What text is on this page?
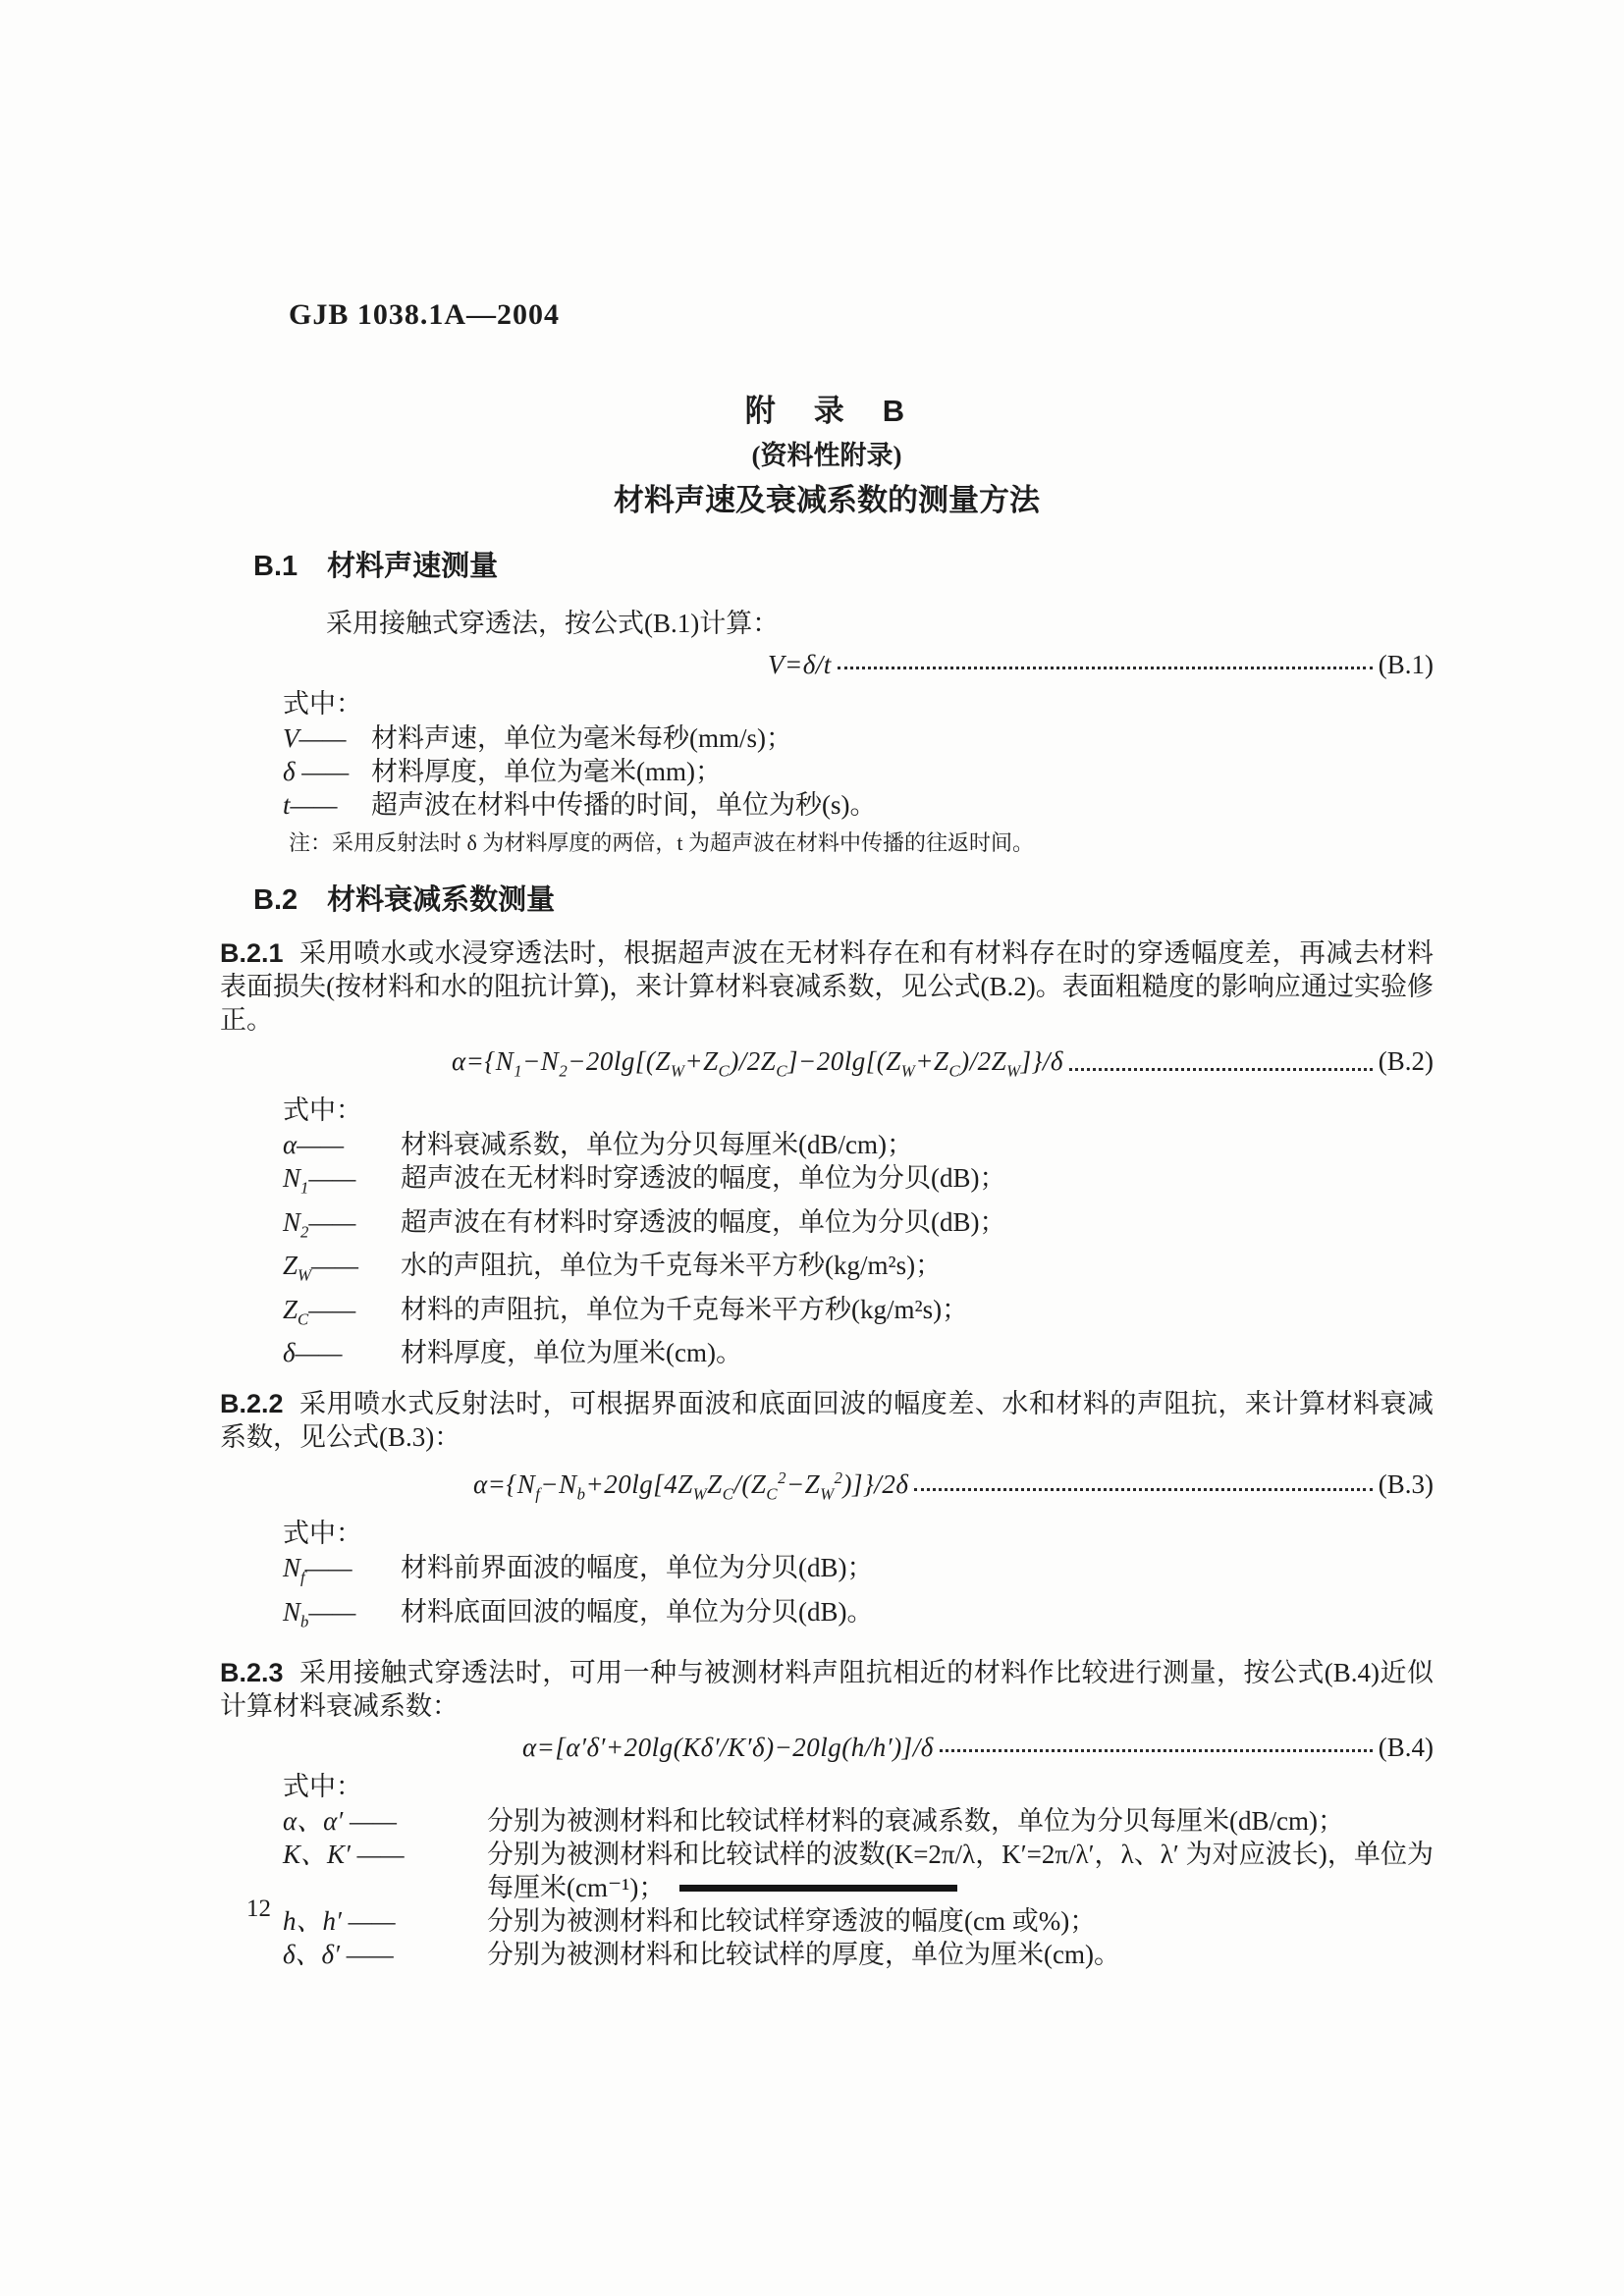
GJB 1038.1A—2004
附　录　B
(资料性附录)
材料声速及衰减系数的测量方法
B.1 材料声速测量

采用接触式穿透法，按公式(B.1)计算：

V=δ/t	(B.1)
式中：
V—— 材料声速，单位为毫米每秒(mm/s)；
δ —— 材料厚度，单位为毫米(mm)；
t——	超声波在材料中传播的时间，单位为秒(s)。
注：采用反射法时 δ 为材料厚度的两倍，t 为超声波在材料中传播的往返时间。
B.2 材料衰减系数测量

B.2.1 采用喷水或水浸穿透法时，根据超声波在无材料存在和有材料存在时的穿透幅度差，再减去材料表面损失(按材料和水的阻抗计算)，来计算材料衰减系数，见公式(B.2)。表面粗糙度的影响应通过实验修正。

$\alpha=\{N_1-N_2-20\lg[(Z_W+Z_C)/2Z_C]-20\lg[(Z_W+Z_C)/2Z_W]\}/\delta$	(B.2)
式中：
α——	材料衰减系数，单位为分贝每厘米(dB/cm)；
$N_1——$	超声波在无材料时穿透波的幅度，单位为分贝(dB)；
$N_2——$	超声波在有材料时穿透波的幅度，单位为分贝(dB)；
$Z_W——$	水的声阻抗，单位为千克每米平方秒(kg/m²s)；
$Z_C——$	材料的声阻抗，单位为千克每米平方秒(kg/m²s)；
δ——	材料厚度，单位为厘米(cm)。

B.2.2 采用喷水式反射法时，可根据界面波和底面回波的幅度差、水和材料的声阻抗，来计算材料衰减系数，见公式(B.3)：

$\alpha=\{N_f-N_b+20\lg[4Z_WZ_C/(Z_C^2-Z_W^2)]\}/2\delta$	(B.3)
式中：
$N_f——$	材料前界面波的幅度，单位为分贝(dB)；
$N_b——$	材料底面回波的幅度，单位为分贝(dB)。

B.2.3 采用接触式穿透法时，可用一种与被测材料声阻抗相近的材料作比较进行测量，按公式(B.4)近似计算材料衰减系数：

α=[α′δ′+20lg(Kδ′/K′δ)−20lg(h/h′)]/δ	(B.4)
式中：
α、α′ ——	分别为被测材料和比较试样材料的衰减系数，单位为分贝每厘米(dB/cm)；
K、K′ ——	分别为被测材料和比较试样的波数(K=2π/λ，K′=2π/λ′，λ、λ′ 为对应波长)，单位为每厘米(cm⁻¹)；
h、h′ ——	分别为被测材料和比较试样穿透波的幅度(cm 或%)；
δ、δ′ ——	分别为被测材料和比较试样的厚度，单位为厘米(cm)。
12
